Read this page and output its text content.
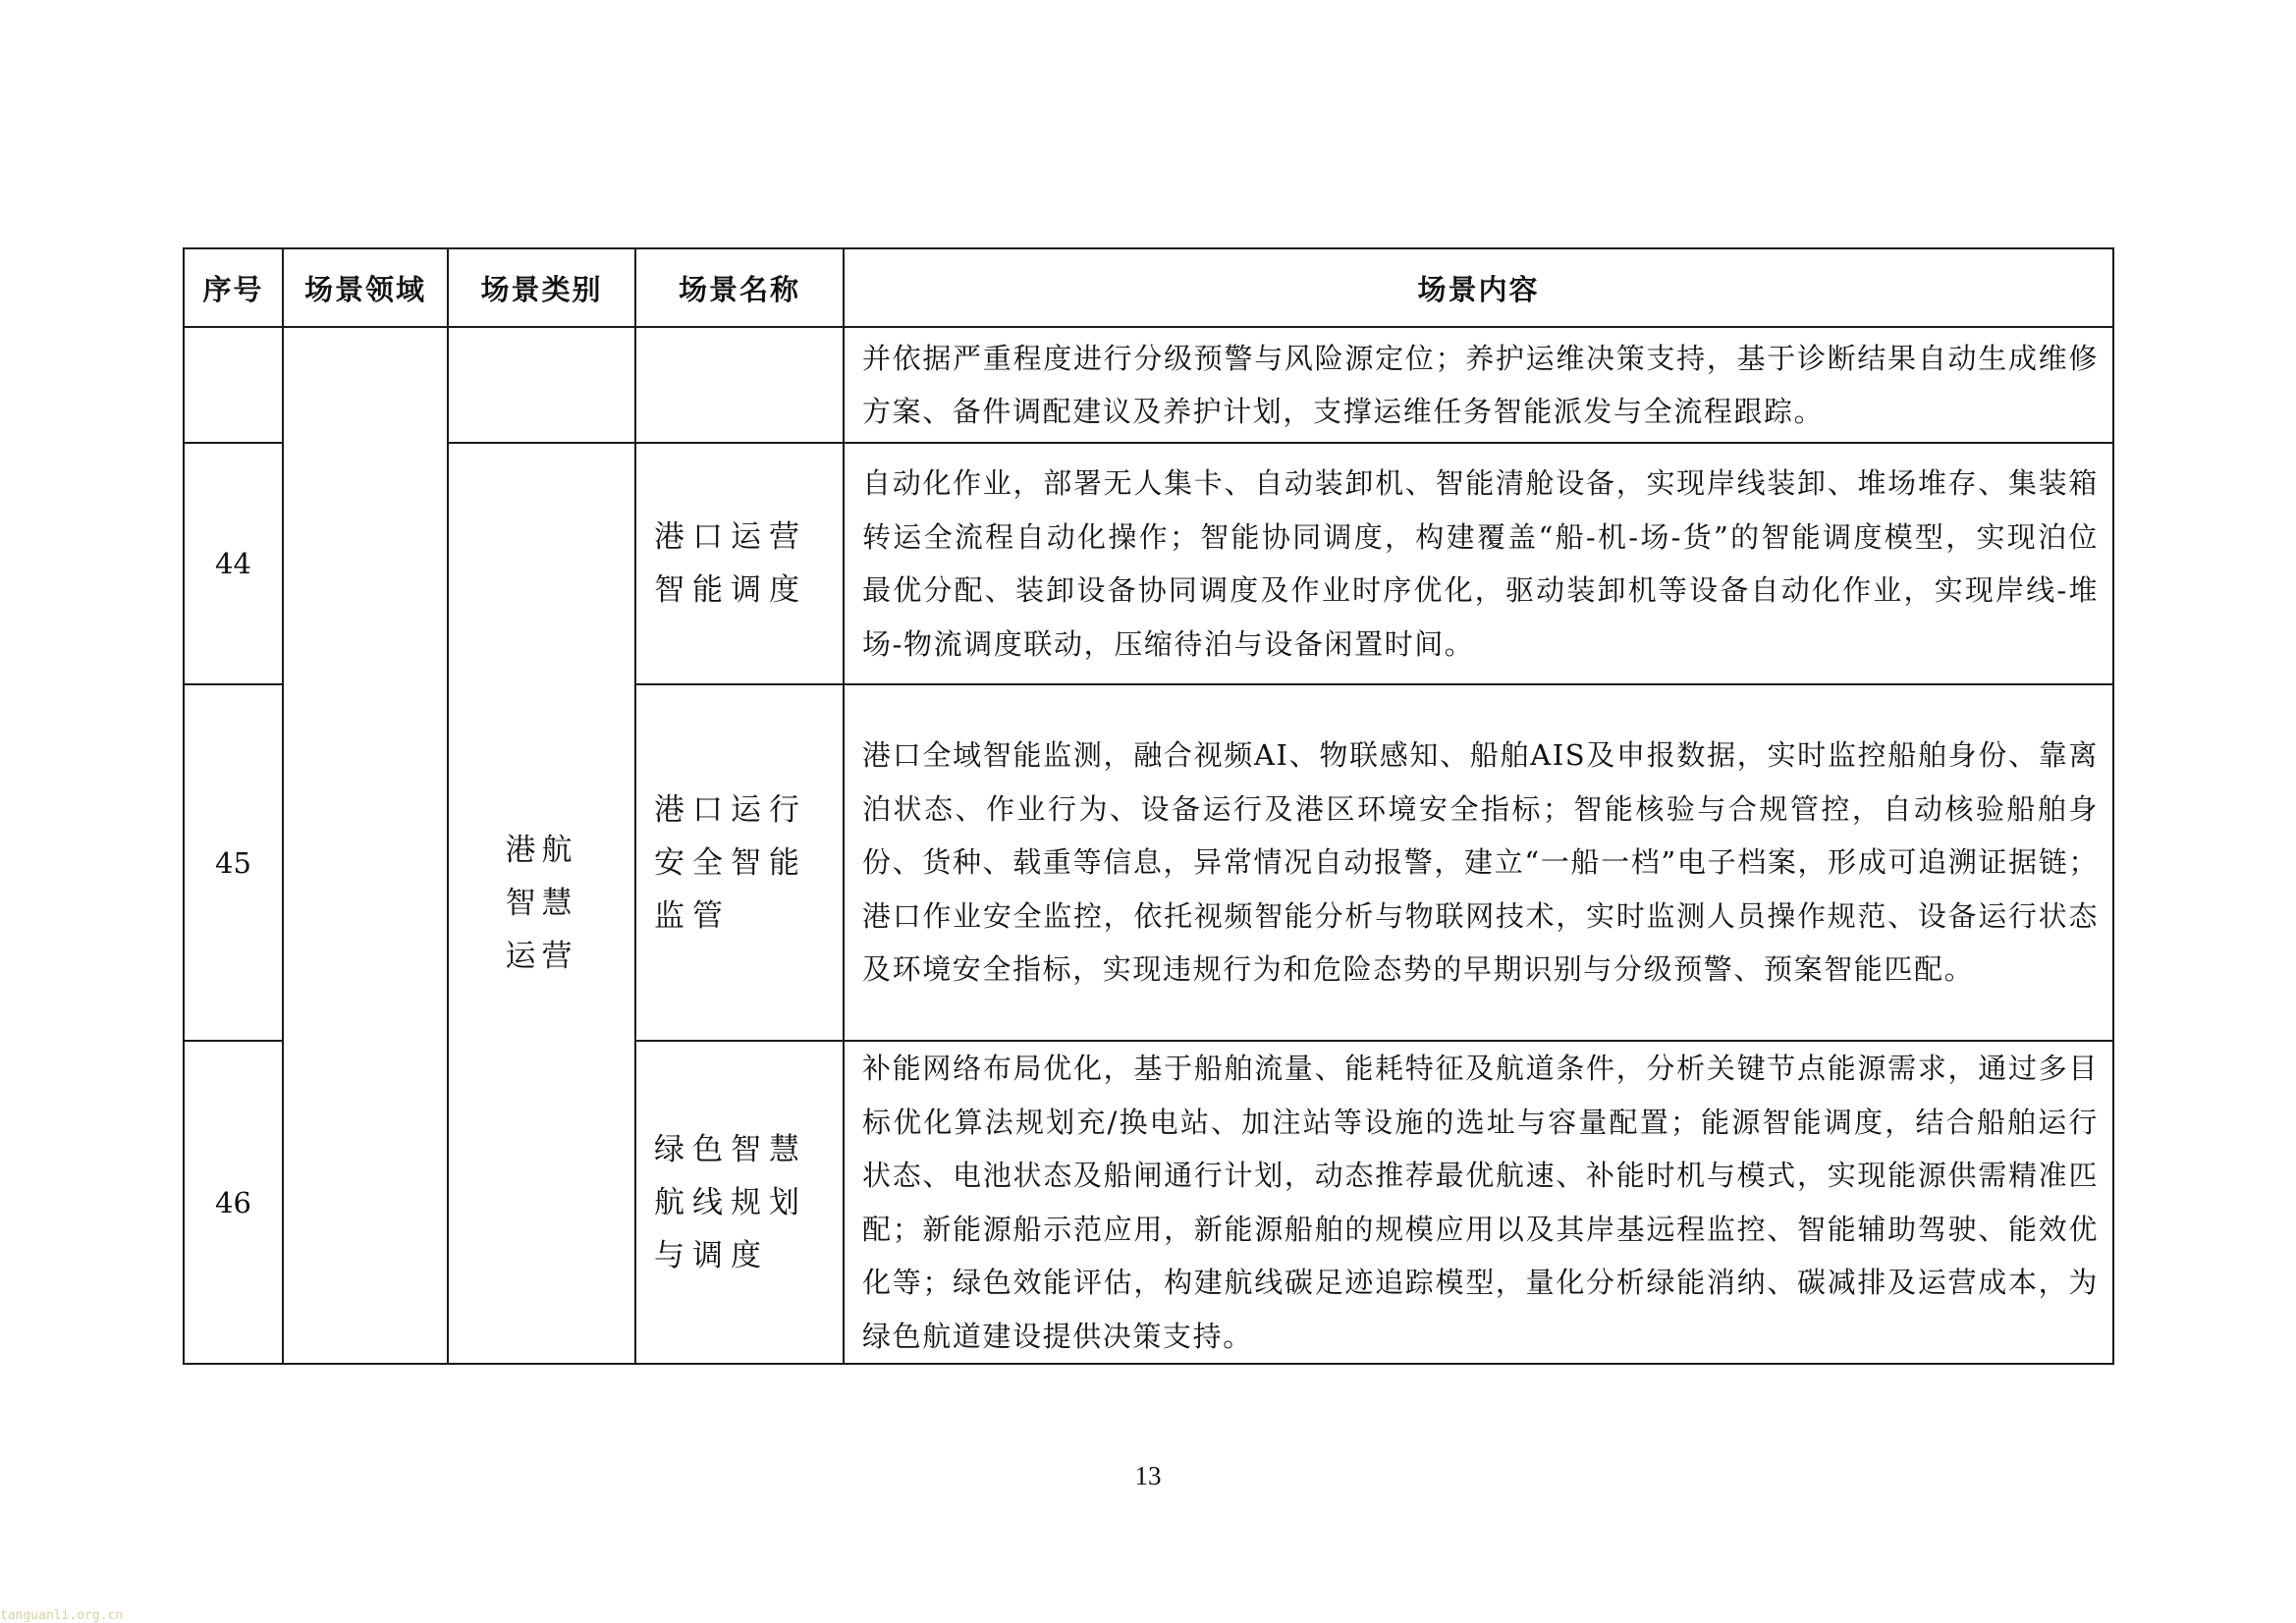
序号	场景领域	场景类别	场景名称	场景内容
				并依据严重程度进行分级预警与风险源定位；养护运维决策支持，基于诊断结果自动生成维修方案、备件调配建议及养护计划，支撑运维任务智能派发与全流程跟踪。
44		港航智慧运营	港口运营智能调度	自动化作业，部署无人集卡、自动装卸机、智能清舱设备，实现岸线装卸、堆场堆存、集装箱转运全流程自动化操作；智能协同调度，构建覆盖“船-机-场-货”的智能调度模型，实现泊位最优分配、装卸设备协同调度及作业时序优化，驱动装卸机等设备自动化作业，实现岸线-堆场-物流调度联动，压缩待泊与设备闲置时间。
45			港口运行安全智能监管	港口全域智能监测，融合视频AI、物联感知、船舶AIS及申报数据，实时监控船舶身份、靠离泊状态、作业行为、设备运行及港区环境安全指标；智能核验与合规管控，自动核验船舶身份、货种、载重等信息，异常情况自动报警，建立“一船一档”电子档案，形成可追溯证据链；港口作业安全监控，依托视频智能分析与物联网技术，实时监测人员操作规范、设备运行状态及环境安全指标，实现违规行为和危险态势的早期识别与分级预警、预案智能匹配。
46			绿色智慧航线规划与调度	补能网络布局优化，基于船舶流量、能耗特征及航道条件，分析关键节点能源需求，通过多目标优化算法规划充/换电站、加注站等设施的选址与容量配置；能源智能调度，结合船舶运行状态、电池状态及船闸通行计划，动态推荐最优航速、补能时机与模式，实现能源供需精准匹配；新能源船示范应用，新能源船舶的规模应用以及其岸基远程监控、智能辅助驾驶、能效优化等；绿色效能评估，构建航线碳足迹追踪模型，量化分析绿能消纳、碳减排及运营成本，为绿色航道建设提供决策支持。
13
tanguanli.org.cn
